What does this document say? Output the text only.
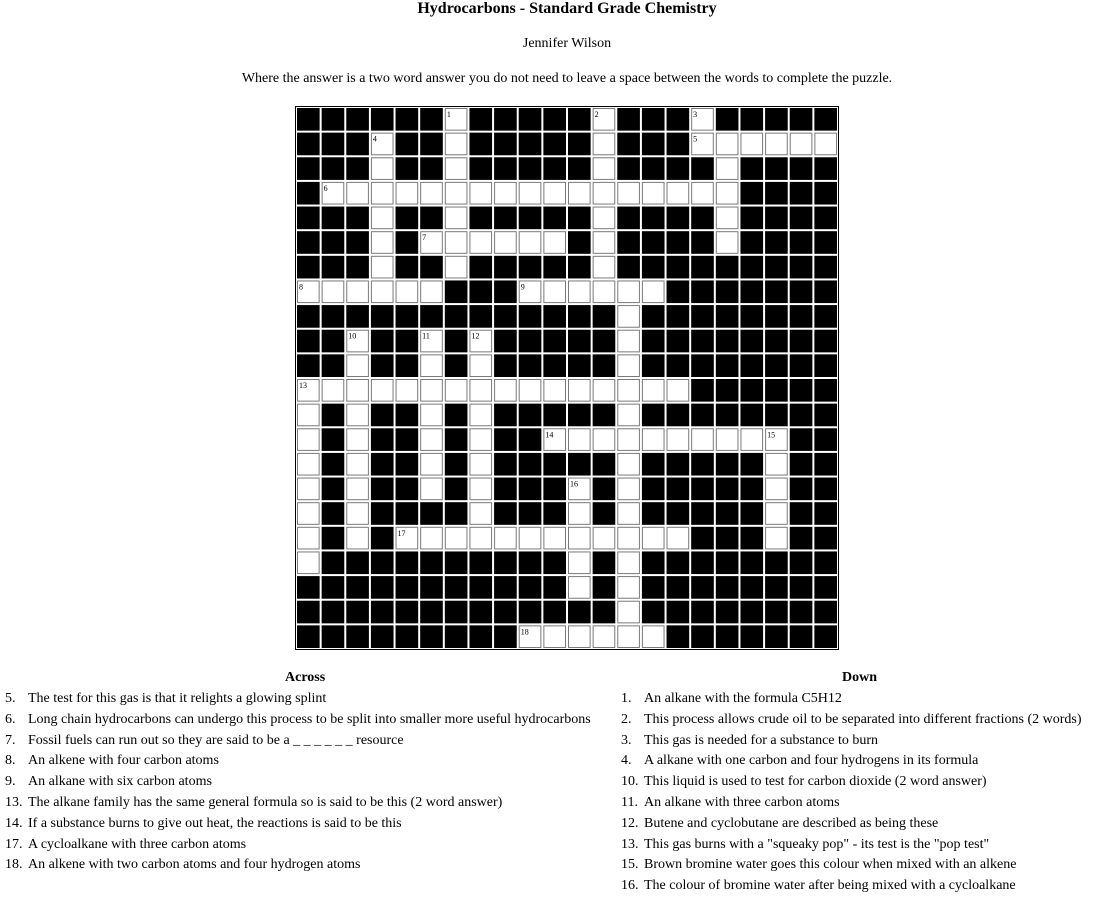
Hydrocarbons - Standard Grade Chemistry
Jennifer Wilson
Where the answer is a two word answer you do not need to leave a space between the words to complete the puzzle.
1	2	3
4	5
6
7
8	9
10	11	12
13
14	15
16
17
18
Across
5. The test for this gas is that it relights a glowing splint
6. Long chain hydrocarbons can undergo this process to be split into smaller more useful hydrocarbons
7. Fossil fuels can run out so they are said to be a _ _ _ _ _ _ resource
8. An alkene with four carbon atoms
9. An alkane with six carbon atoms
13. The alkane family has the same general formula so is said to be this (2 word answer)
14. If a substance burns to give out heat, the reactions is said to be this
17. A cycloalkane with three carbon atoms
18. An alkene with two carbon atoms and four hydrogen atoms
Down
1. An alkane with the formula C5H12
2. This process allows crude oil to be separated into different fractions (2 words)
3. This gas is needed for a substance to burn
4. A alkane with one carbon and four hydrogens in its formula
10. This liquid is used to test for carbon dioxide (2 word answer)
11. An alkane with three carbon atoms
12. Butene and cyclobutane are described as being these
13. This gas burns with a "squeaky pop" - its test is the "pop test"
15. Brown bromine water goes this colour when mixed with an alkene
16. The colour of bromine water after being mixed with a cycloalkane
